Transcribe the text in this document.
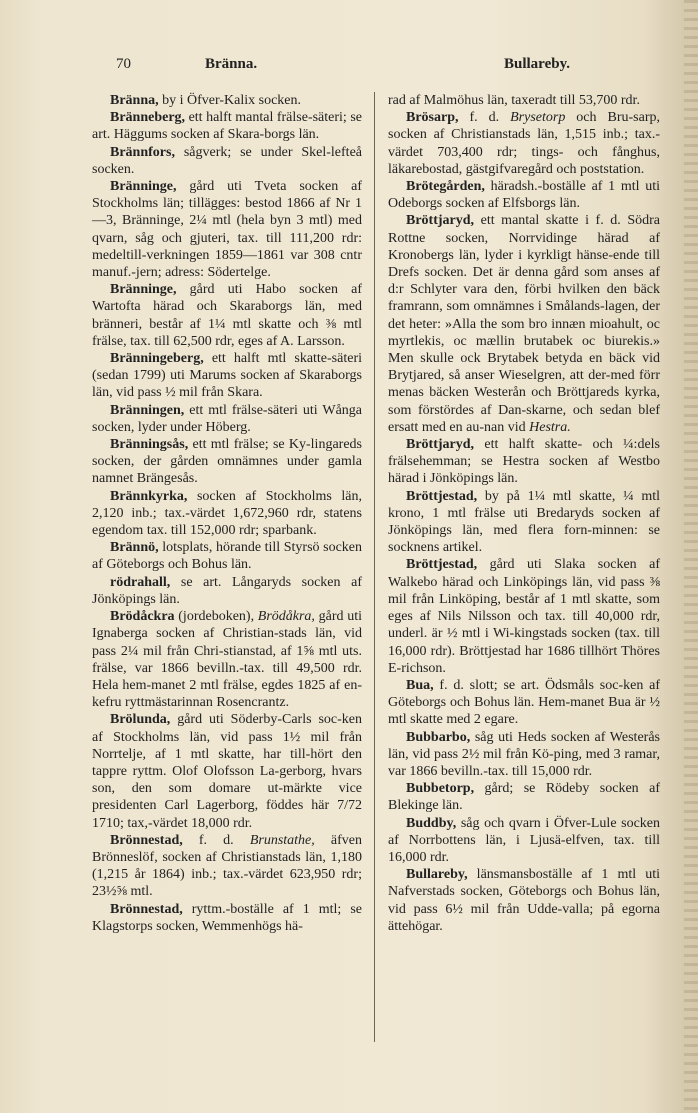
70	Bränna.	Bullareby.

Bränna, by i Öfver-Kalix socken.

Brännеberg, ett halft mantal frälse-säteri; se art. Häggums socken af Skara-borgs län.

Brännfors, sågverk; se under Skel-lefteå socken.

Bränninge, gård uti Tveta socken af Stockholms län; tillägges: bestod 1866 af Nr 1—3, Bränninge, 2¼ mtl (hela byn 3 mtl) med qvarn, såg och gjuteri, tax. till 111,200 rdr: medeltill-verkningen 1859—1861 var 308 cntr manuf.-jern; adress: Södertelge.

Bränninge, gård uti Habo socken af Wartofta härad och Skaraborgs län, med bränneri, består af 1¼ mtl skatte och ⅜ mtl frälse, tax. till 62,500 rdr, eges af A. Larsson.

Bränningeberg, ett halft mtl skatte-säteri (sedan 1799) uti Marums socken af Skaraborgs län, vid pass ½ mil från Skara.

Bränningen, ett mtl frälse-säteri uti Wånga socken, lyder under Höberg.

Bränningsås, ett mtl frälse; se Ky-lingareds socken, der gården omnämnes under gamla namnet Brängesås.

Brännkyrka, socken af Stockholms län, 2,120 inb.; tax.-värdet 1,672,960 rdr, statens egendom tax. till 152,000 rdr; sparbank.

Brännö, lotsplats, hörande till Styrsö socken af Göteborgs och Bohus län.

rödrahall, se art. Långaryds socken af Jönköpings län.

Brödåckra (jordeboken), Brödåkra, gård uti Ignaberga socken af Christian-stads län, vid pass 2¼ mil från Chri-stianstad, af 1⅝ mtl uts. frälse, var 1866 bevilln.-tax. till 49,500 rdr. Hela hem-manet 2 mtl frälse, egdes 1825 af en-kefru ryttmästarinnan Rosencrantz.

Brölunda, gård uti Söderby-Carls soc-ken af Stockholms län, vid pass 1½ mil från Norrtelje, af 1 mtl skatte, har till-hört den tappre ryttm. Olof Olofsson La-gerborg, hvars son, den som domare ut-märkte vice presidenten Carl Lagerborg, föddes här 7/72 1710; tax,-värdet 18,000 rdr.

Brönnestad, f. d. Brunstathe, äfven Brönneslöf, socken af Christianstads län, 1,180 (1,215 år 1864) inb.; tax.-värdet 623,950 rdr; 23½⅝ mtl.

Brönnestad, ryttm.-boställe af 1 mtl; se Klagstorps socken, Wemmenhögs hä-

rad af Malmöhus län, taxeradt till 53,700 rdr.

Brösarp, f. d. Brysetorp och Bru-sarp, socken af Christianstads län, 1,515 inb.; tax.-värdet 703,400 rdr; tings- och fånghus, läkarebostad, gästgifvaregård och poststation.

Brötegården, häradsh.-boställe af 1 mtl uti Odeborgs socken af Elfsborgs län.

Bröttjaryd, ett mantal skatte i f. d. Södra Rottne socken, Norrvidinge härad af Kronobergs län, lyder i kyrkligt hänse-ende till Drefs socken. Det är denna gård som anses af d:r Schlyter vara den, förbi hvilken den bäck framrann, som omnämnes i Smålands-lagen, der det heter: »Alla the som bro innæn mioahult, oc myrtlekis, oc mællin brutabek oc biurekis.» Men skulle ock Brytabek betyda en bäck vid Brytjared, så anser Wieselgren, att der-med förr menas bäcken Westerån och Bröttjareds kyrka, som förstördes af Dan-skarne, och sedan blef ersatt med en au-nan vid Hestra.

Bröttjaryd, ett halft skatte- och ¼:dels frälsehemman; se Hestra socken af Westbo härad i Jönköpings län.

Bröttjestad, by på 1¼ mtl skatte, ¼ mtl krono, 1 mtl frälse uti Bredaryds socken af Jönköpings län, med flera forn-minnen: se socknens artikel.

Bröttjestad, gård uti Slaka socken af Walkebo härad och Linköpings län, vid pass ⅜ mil från Linköping, består af 1 mtl skatte, som eges af Nils Nilsson och tax. till 40,000 rdr, underl. är ½ mtl i Wi-kingstads socken (tax. till 16,000 rdr). Bröttjestad har 1686 tillhört Thöres E-richson.

Bua, f. d. slott; se art. Ödsmåls soc-ken af Göteborgs och Bohus län. Hem-manet Bua är ½ mtl skatte med 2 egare.

Bubbarbo, såg uti Heds socken af Westerås län, vid pass 2½ mil från Kö-ping, med 3 ramar, var 1866 bevilln.-tax. till 15,000 rdr.

Bubbetorp, gård; se Rödeby socken af Blekinge län.

Buddby, såg och qvarn i Öfver-Lule socken af Norrbottens län, i Ljusä-elfven, tax. till 16,000 rdr.

Bullareby, länsmansboställe af 1 mtl uti Nafverstads socken, Göteborgs och Bohus län, vid pass 6½ mil från Udde-valla; på egorna ättehögar.
